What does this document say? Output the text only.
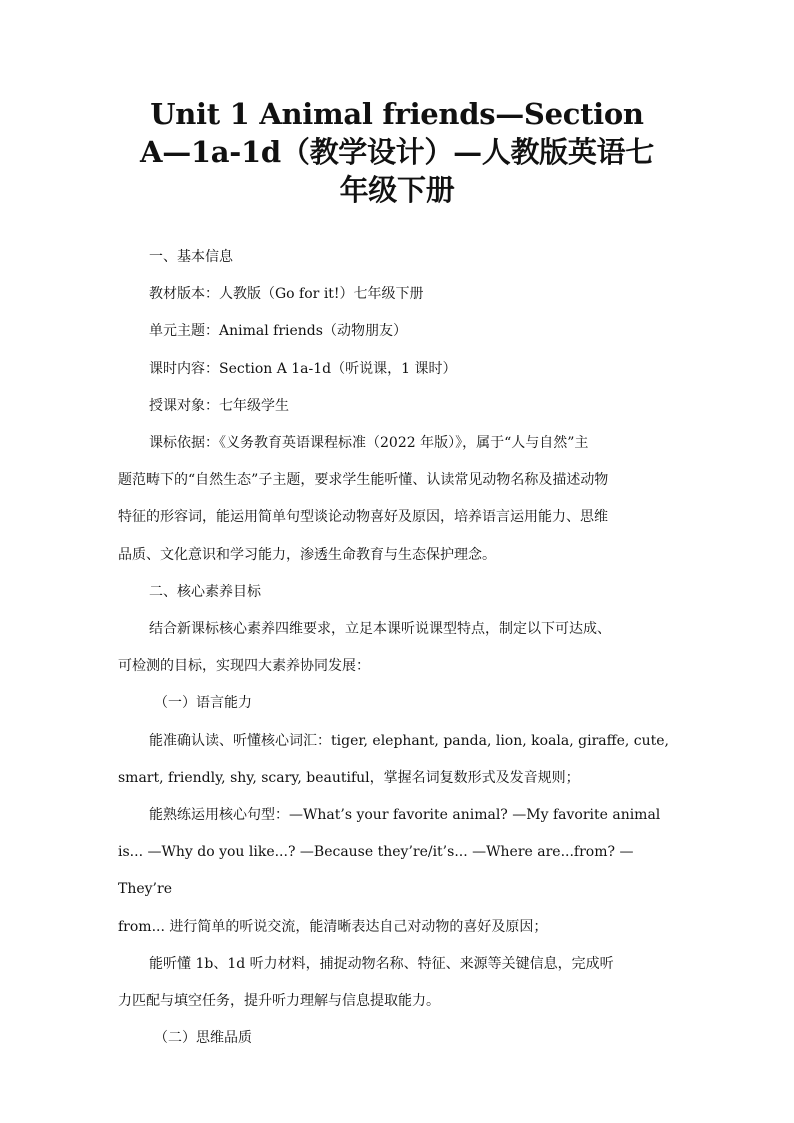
Unit 1 Animal friends—Section
A—1a-1d（教学设计）—人教版英语七
年级下册

一、基本信息

教材版本：人教版（Go for it!）七年级下册

单元主题：Animal friends（动物朋友）

课时内容：Section A 1a-1d（听说课，1 课时）

授课对象：七年级学生

课标依据：《义务教育英语课程标准（2022 年版）》，属于“人与自然”主

题范畴下的“自然生态”子主题，要求学生能听懂、认读常见动物名称及描述动物

特征的形容词，能运用简单句型谈论动物喜好及原因，培养语言运用能力、思维

品质、文化意识和学习能力，渗透生命教育与生态保护理念。

二、核心素养目标

结合新课标核心素养四维要求，立足本课听说课型特点，制定以下可达成、

可检测的目标，实现四大素养协同发展：

（一）语言能力

能准确认读、听懂核心词汇：tiger, elephant, panda, lion, koala, giraffe, cute,

smart, friendly, shy, scary, beautiful，掌握名词复数形式及发音规则；

能熟练运用核心句型：—What’s your favorite animal? —My favorite animal

is... —Why do you like...? —Because they’re/it’s... —Where are...from? —They’re

from... 进行简单的听说交流，能清晰表达自己对动物的喜好及原因；

能听懂 1b、1d 听力材料，捕捉动物名称、特征、来源等关键信息，完成听

力匹配与填空任务，提升听力理解与信息提取能力。

（二）思维品质
